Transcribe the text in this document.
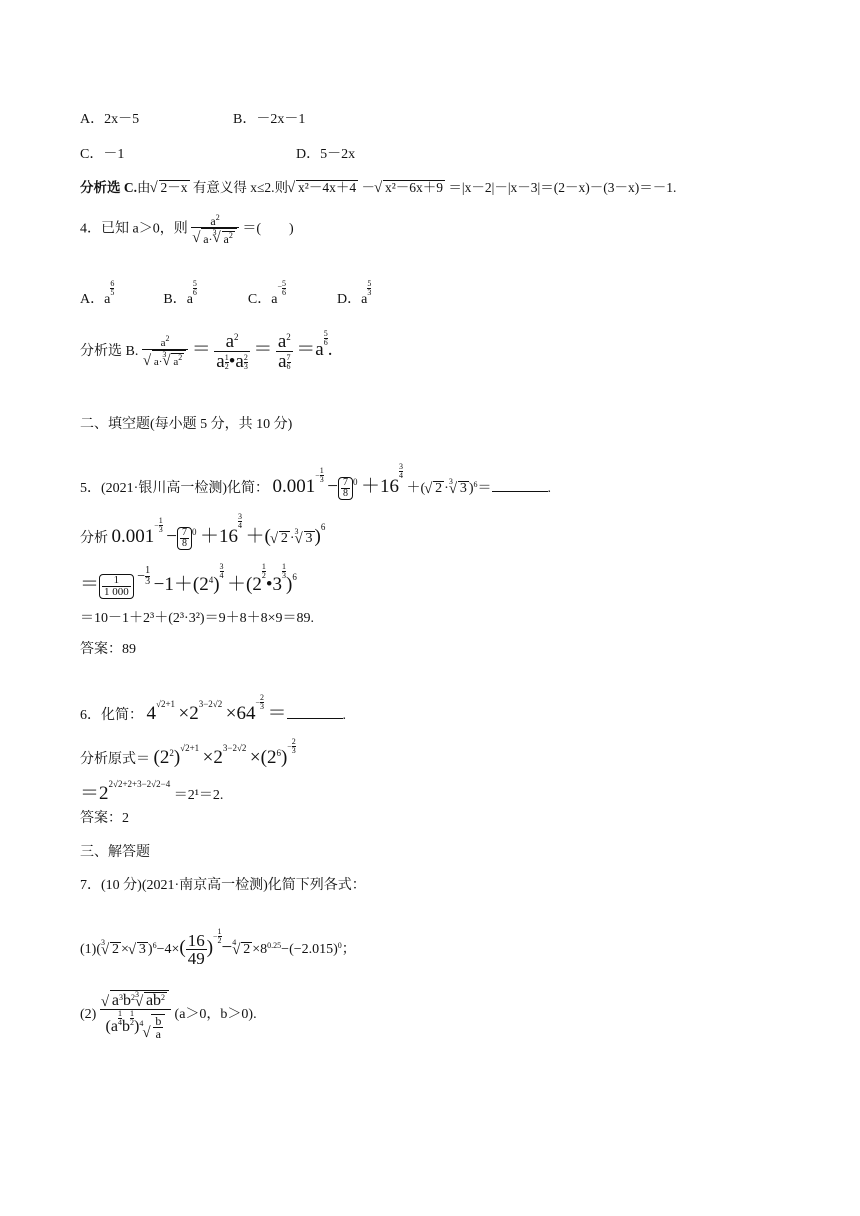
A．2x－5	B．－2x－1
C．－1	D．5－2x
分析选 C.由√ 2－x 有意义得 x≤2.则√ x²－4x＋4 －√ x²－6x＋9 ＝|x－2|－|x－3|＝(2－x)－(3－x)＝－1.
4．已知 a＞0，则 $a^2$
√ a·$^3$√ $a^2$ ＝(　　)
A．a
$\frac{6}{5}$
B．a
$\frac{5}{6}$
C．$a^- \frac{5}{6}$
D．a
$\frac{5}{3}$
分析选 B. $a^2$
√ a·$^3$√ $a^2 = \frac{a^2}{a \frac{1}{2} •a \frac{2}{3}} = \frac{a^2}{a \frac{7}{6}} =a$
$\frac{5}{6}$
.
二、填空题(每小题 5 分，共 10 分)
5．(2021·银川高一检测)化简： $0.001^- \frac{1}{3}$
− $\frac{7}{8} ^0 +16$
$\frac{3}{4}$
＋(√ 2 ·$^3$√ 3 )$^6$＝	.
分析 $0.001^- \frac{1}{3}$
− $\frac{7}{8} ^0 +16$
$\frac{3}{4}$
＋(√ 2 ·$^3$√ 3 )$^6$
＝ $\frac{1}{1 000} - \frac{1}{3} -1+(2^4)$
$\frac{3}{4}$
＋(2
$\frac{1}{2}$
•3
$\frac{1}{3}$
)$^6$
＝10－1＋2³＋(2³·3²)＝9＋8＋8×9＝89.
答案：89
6．化简： $4^{√2+1} \times 2^{3-2√2} \times 64^- \frac{2}{3}$
＝	.
分析原式＝ $(2^2)^{√2+1} \times 2^{3-2√2} \times(2^6)^- \frac{2}{3}$
$=2^{2√2+2+3-2√2-4} =2^1=2$.
答案：2
三、解答题
7．(10 分)(2021·南京高一检测)化简下列各式：
(1)($^3$√ 2 ×√ 3 )$^6-4\times( \frac{16}{49} )^- \frac{1}{2}$
−$^4$√ $2 \times 8^{0.25}-(-2.015)^0$；
(2)
√ $a^3b^{23}√$ $ab^2$
($a \frac{1}{4}$ b $\frac{1}{2} )^4$
√ $\frac{b}{a} (a>0$，b＞0).
